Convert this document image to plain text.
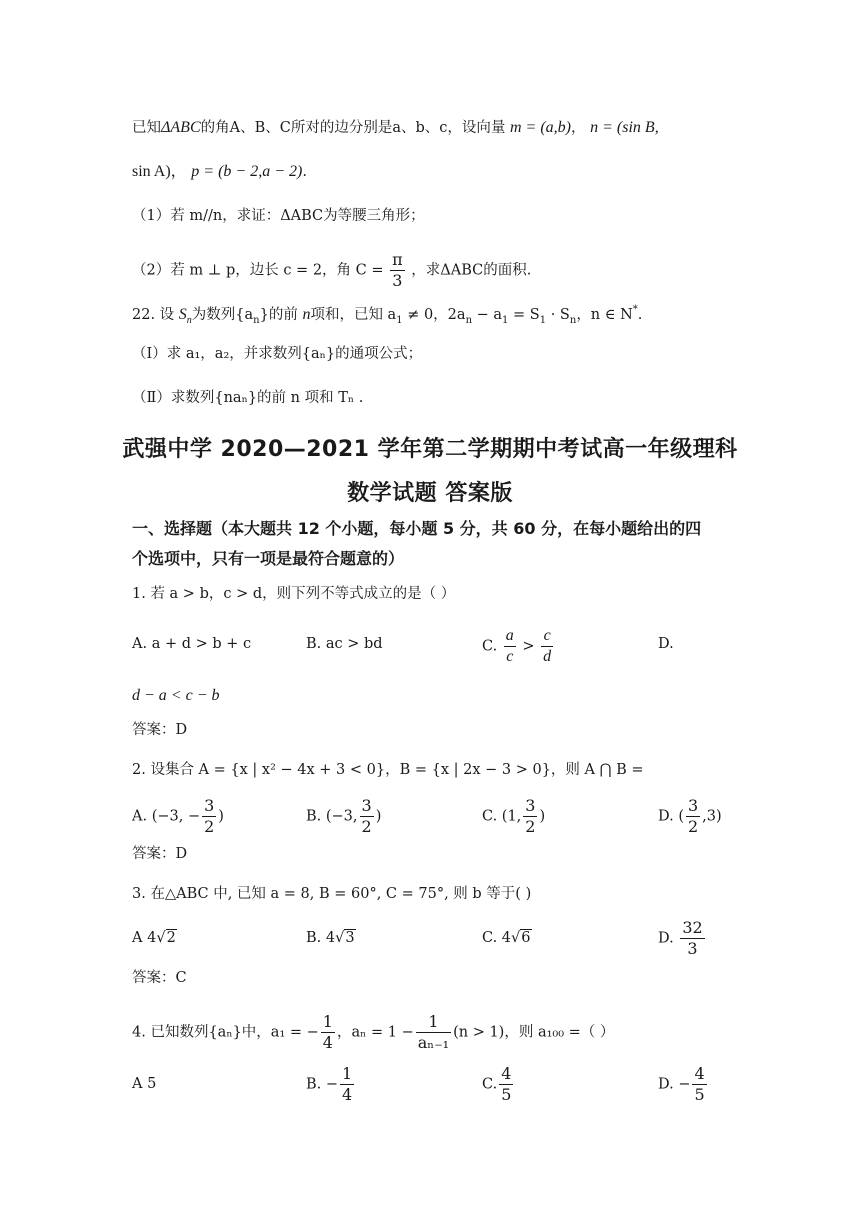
已知ΔABC的角A、B、C所对的边分别是a、b、c，设向量 m = (a,b)， n = (sin B,
sin A)， p = (b − 2,a − 2).
（1）若 m//n，求证：ΔABC为等腰三角形；
（2）若 m ⊥ p，边长 c = 2，角 $C = \frac{\pi}{3}$ ，求ΔABC的面积.
22. 设 $S_n$为数列$\{a_n\}$的前 n项和，已知 $a_1 \ne 0$，$2a_n - a_1 = S_1 \cdot S_n$，n ∈ N*.
（Ⅰ）求 a₁，a₂，并求数列{aₙ}的通项公式；
（Ⅱ）求数列{naₙ}的前 n 项和 Tₙ .
武强中学 2020—2021 学年第二学期期中考试高一年级理科
数学试题 答案版
一、选择题（本大题共 12 个小题，每小题 5 分，共 60 分，在每小题给出的四
个选项中，只有一项是最符合题意的）
1. 若 a > b，c > d，则下列不等式成立的是（ ）
A. a + d > b + c	B. ac > bd	C. $\frac{a}{c} > \frac{c}{d}$	D.
d − a < c − b
答案：D
2. 设集合 A = {x | x² − 4x + 3 < 0}，B = {x | 2x − 3 > 0}，则 A ⋂ B =
A. (−3, − $\frac{3}{2}$ )	B. (−3, $\frac{3}{2}$ )	C. (1, $\frac{3}{2}$ )	D. ( $\frac{3}{2} ,3$)
答案：D
3. 在△ABC 中, 已知 a = 8, B = 60°, C = 75°, 则 b 等于( )
A 4√2	B. 4√3	C. 4√6	D. $\frac{32}{3}$
答案：C
4. 已知数列{aₙ}中，a₁ = − $\frac{1}{4}$ ，$a_n = 1 - \frac{1}{\text{aₙ₋₁}} (n > 1)$，则 a₁₀₀ =（ ）
A 5	B. − $\frac{1}{4}$	C. $\frac{4}{5}$	D. − $\frac{4}{5}$
